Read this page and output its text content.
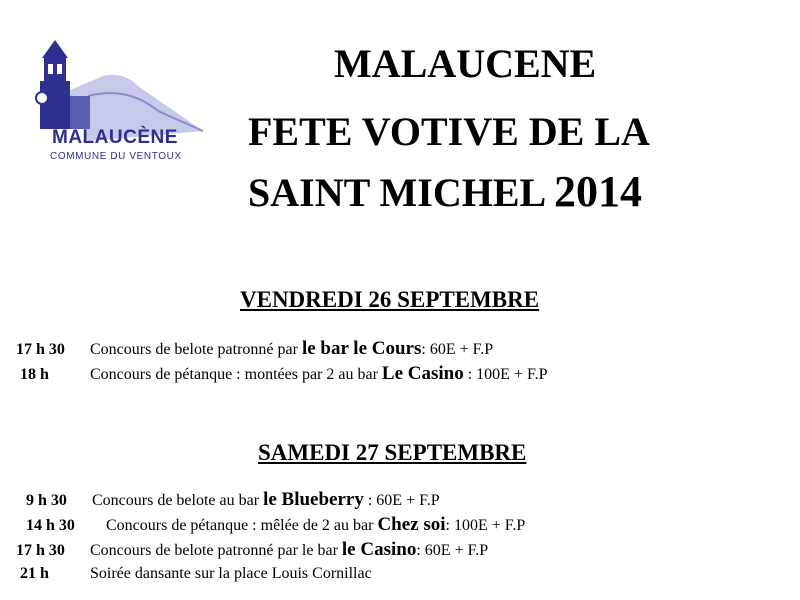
MALAUCÈNE
COMMUNE DU VENTOUX
MALAUCENE
FETE VOTIVE DE LA
SAINT MICHEL 2014
VENDREDI 26 SEPTEMBRE
17 h 30 Concours de belote patronné par le bar le Cours: 60E + F.P
18 h	Concours de pétanque : montées par 2 au bar Le Casino : 100E + F.P
SAMEDI 27 SEPTEMBRE
9 h 30 Concours de belote au bar le Blueberry : 60E + F.P
14 h 30 Concours de pétanque : mêlée de 2 au bar Chez soi: 100E + F.P
17 h 30 Concours de belote patronné par le bar le Casino: 60E + F.P
21 h	Soirée dansante sur la place Louis Cornillac
